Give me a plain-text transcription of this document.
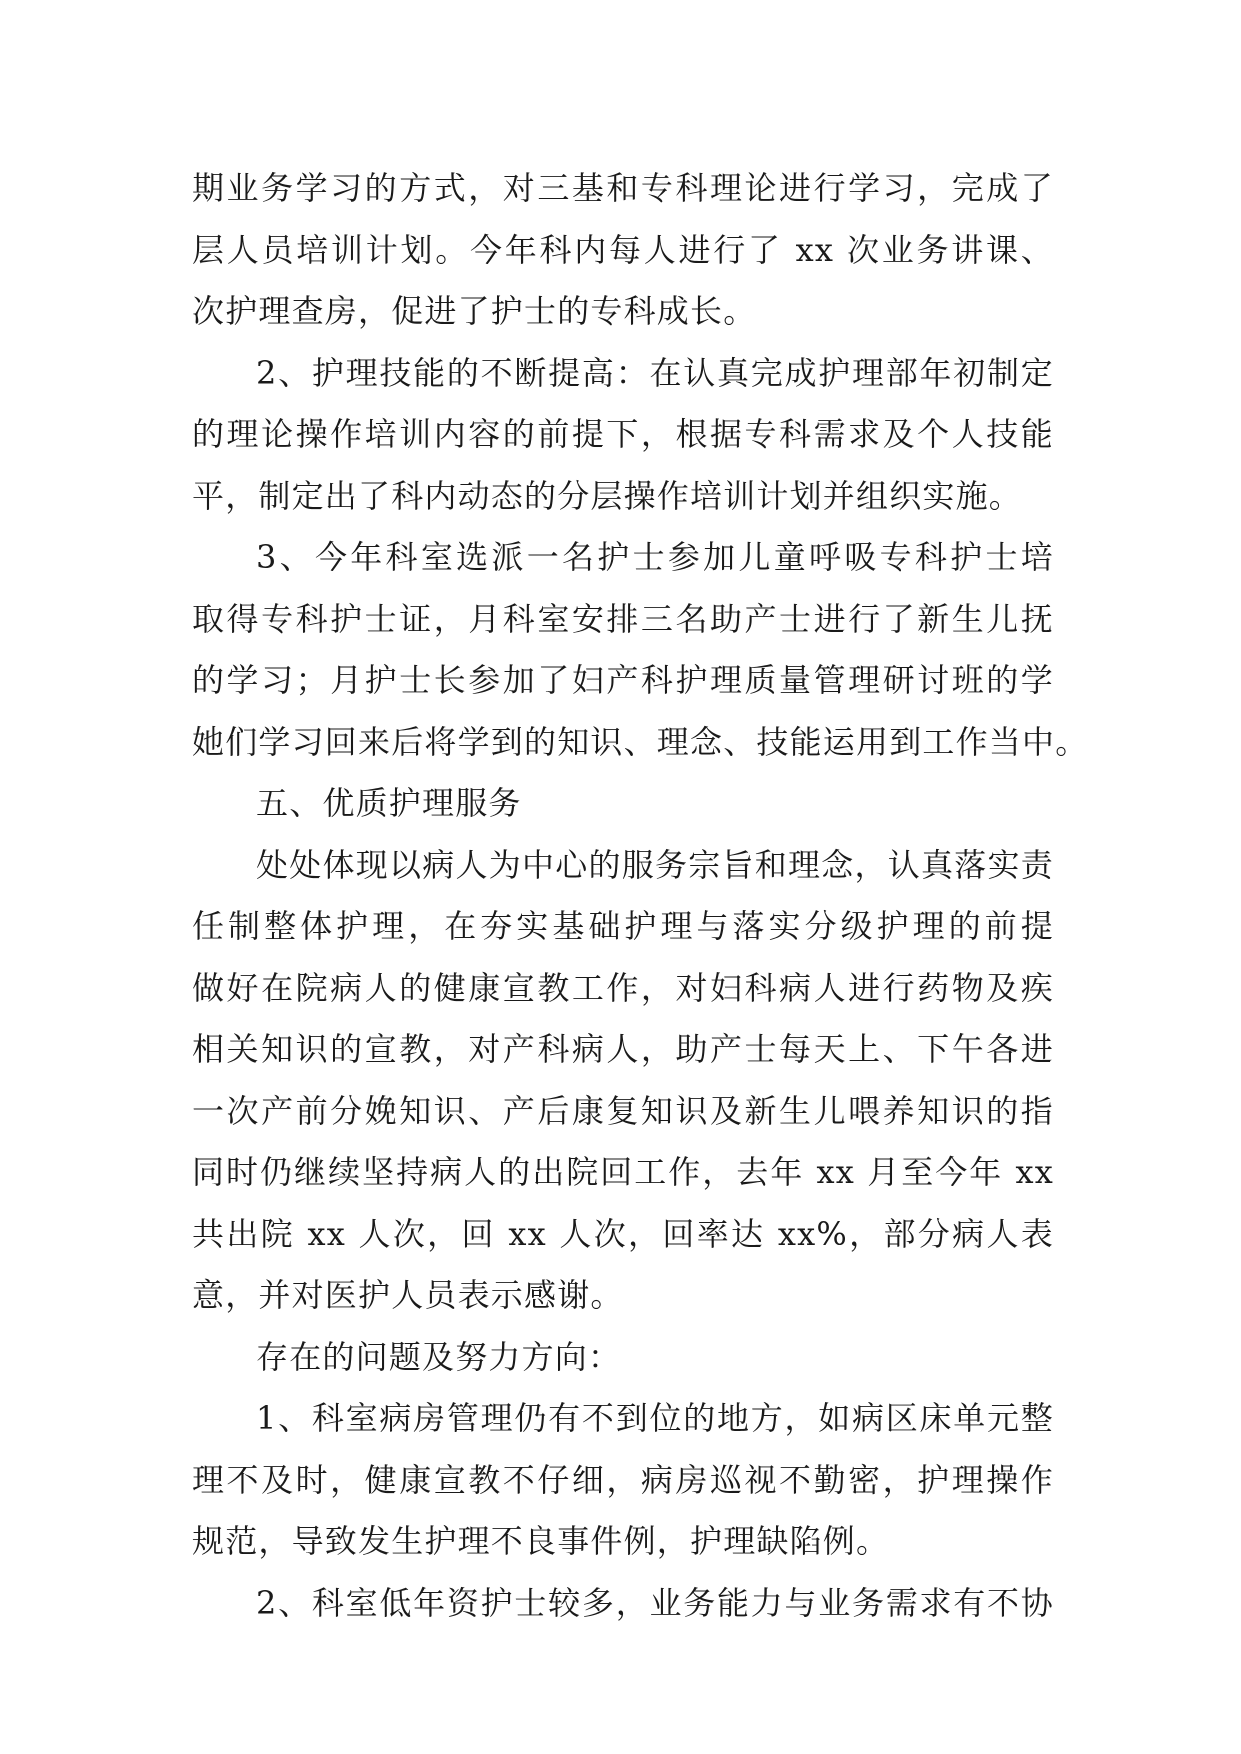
期业务学习的方式，对三基和专科理论进行学习，完成了
层人员培训计划。今年科内每人进行了 xx 次业务讲课、
次护理查房，促进了护士的专科成长。
2、护理技能的不断提高：在认真完成护理部年初制定
的理论操作培训内容的前提下，根据专科需求及个人技能
平，制定出了科内动态的分层操作培训计划并组织实施。
3、今年科室选派一名护士参加儿童呼吸专科护士培
取得专科护士证，月科室安排三名助产士进行了新生儿抚
的学习；月护士长参加了妇产科护理质量管理研讨班的学
她们学习回来后将学到的知识、理念、技能运用到工作当中。
五、优质护理服务
处处体现以病人为中心的服务宗旨和理念，认真落实责
任制整体护理，在夯实基础护理与落实分级护理的前提
做好在院病人的健康宣教工作，对妇科病人进行药物及疾
相关知识的宣教，对产科病人，助产士每天上、下午各进
一次产前分娩知识、产后康复知识及新生儿喂养知识的指
同时仍继续坚持病人的出院回工作，去年 xx 月至今年 xx
共出院 xx 人次，回 xx 人次，回率达 xx%，部分病人表
意，并对医护人员表示感谢。
存在的问题及努力方向：
1、科室病房管理仍有不到位的地方，如病区床单元整
理不及时，健康宣教不仔细，病房巡视不勤密，护理操作
规范，导致发生护理不良事件例，护理缺陷例。
2、科室低年资护士较多，业务能力与业务需求有不协
